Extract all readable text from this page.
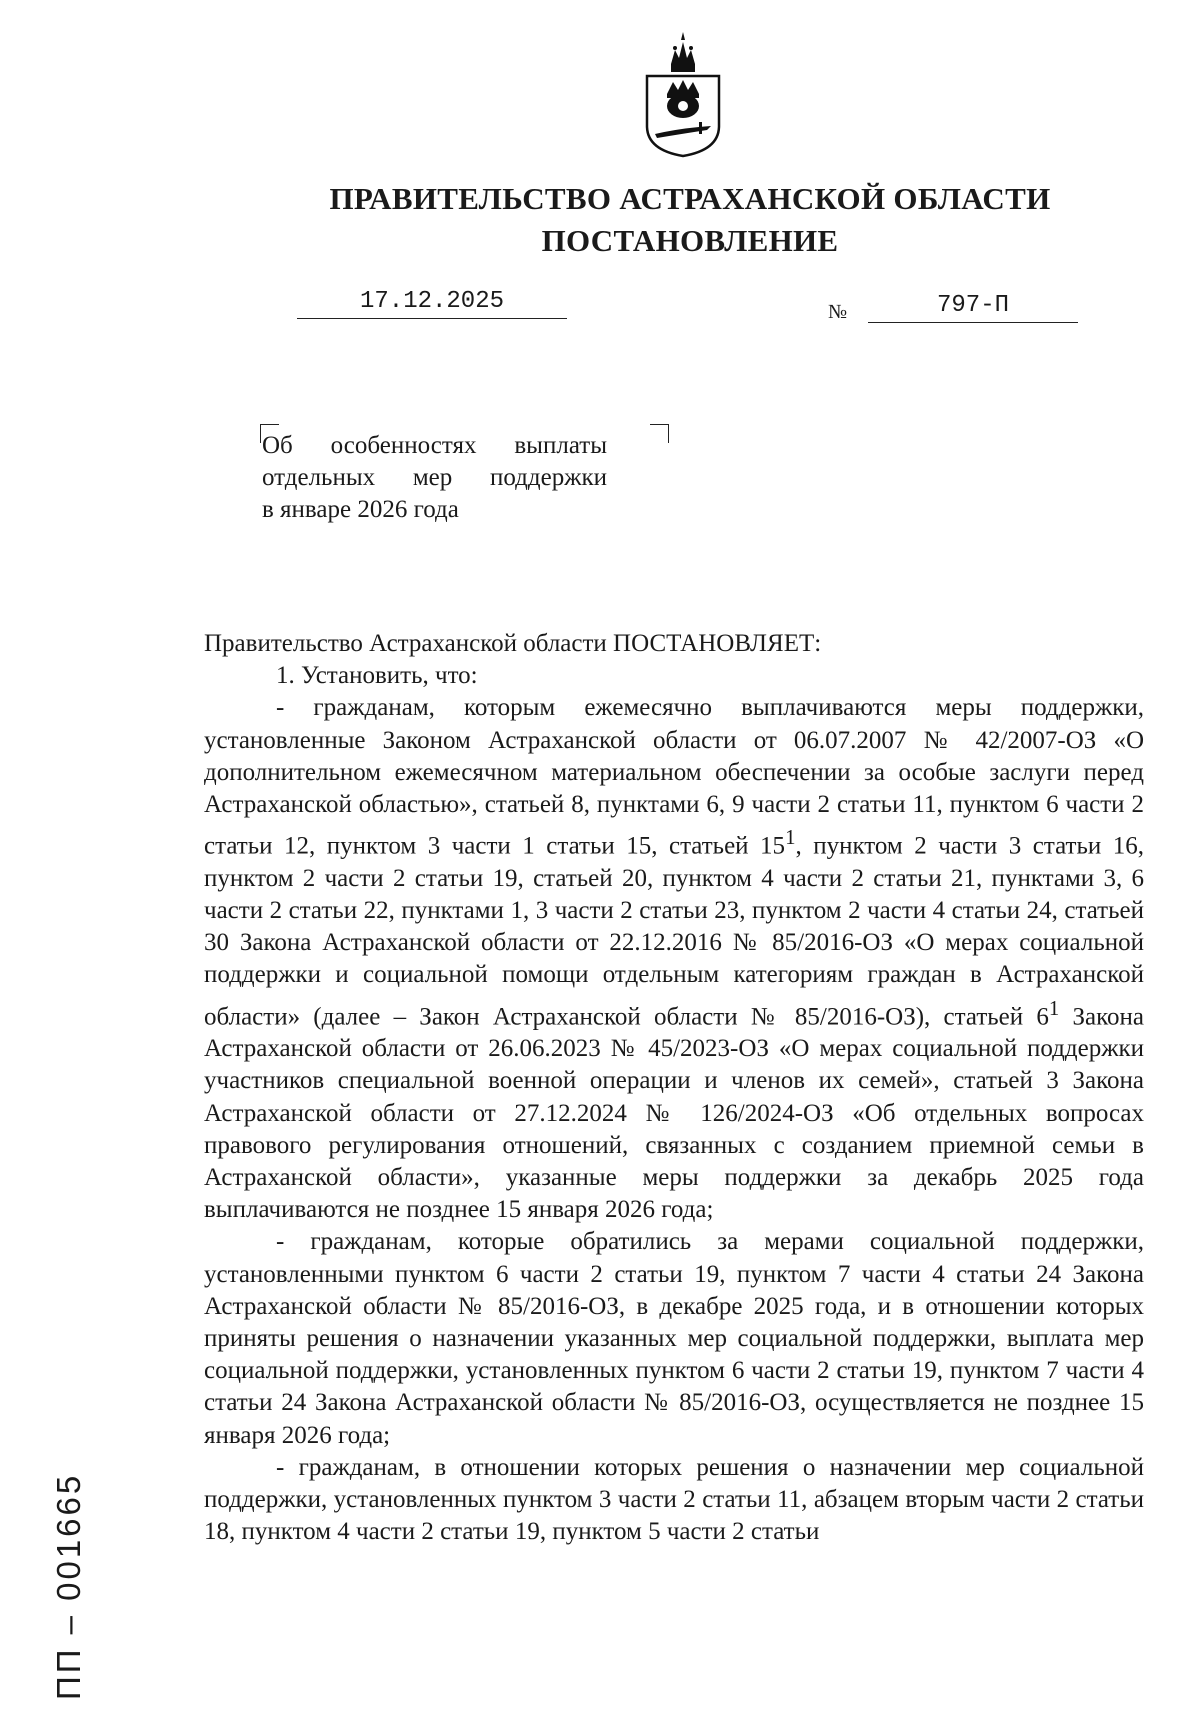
ПРАВИТЕЛЬСТВО АСТРАХАНСКОЙ ОБЛАСТИ
ПОСТАНОВЛЕНИЕ
17.12.2025	№	797-П
Об особенностях выплаты
отдельных мер поддержки
в январе 2026 года

Правительство Астраханской области ПОСТАНОВЛЯЕТ:

1. Установить, что:

- гражданам, которым ежемесячно выплачиваются меры поддержки, установленные Законом Астраханской области от 06.07.2007 № 42/2007-ОЗ «О дополнительном ежемесячном материальном обеспечении за особые заслуги перед Астраханской областью», статьей 8, пунктами 6, 9 части 2 статьи 11, пунктом 6 части 2 статьи 12, пунктом 3 части 1 статьи 15, статьей $15^1$, пунктом 2 части 3 статьи 16, пунктом 2 части 2 статьи 19, статьей 20, пунктом 4 части 2 статьи 21, пунктами 3, 6 части 2 статьи 22, пунктами 1, 3 части 2 статьи 23, пунктом 2 части 4 статьи 24, статьей 30 Закона Астраханской области от 22.12.2016 № 85/2016-ОЗ «О мерах социальной поддержки и социальной помощи отдельным категориям граждан в Астраханской области» (далее – Закон Астраханской области № 85/2016-ОЗ), статьей $6^1$ Закона Астраханской области от 26.06.2023 № 45/2023-ОЗ «О мерах социальной поддержки участников специальной военной операции и членов их семей», статьей 3 Закона Астраханской области от 27.12.2024 № 126/2024-ОЗ «Об отдельных вопросах правового регулирования отношений, связанных с созданием приемной семьи в Астраханской области», указанные меры поддержки за декабрь 2025 года выплачиваются не позднее 15 января 2026 года;

- гражданам, которые обратились за мерами социальной поддержки, установленными пунктом 6 части 2 статьи 19, пунктом 7 части 4 статьи 24 Закона Астраханской области № 85/2016-ОЗ, в декабре 2025 года, и в отношении которых приняты решения о назначении указанных мер социальной поддержки, выплата мер социальной поддержки, установленных пунктом 6 части 2 статьи 19, пунктом 7 части 4 статьи 24 Закона Астраханской области № 85/2016-ОЗ, осуществляется не позднее 15 января 2026 года;

- гражданам, в отношении которых решения о назначении мер социальной поддержки, установленных пунктом 3 части 2 статьи 11, абзацем вторым части 2 статьи 18, пунктом 4 части 2 статьи 19, пунктом 5 части 2 статьи

ПП – 001665
